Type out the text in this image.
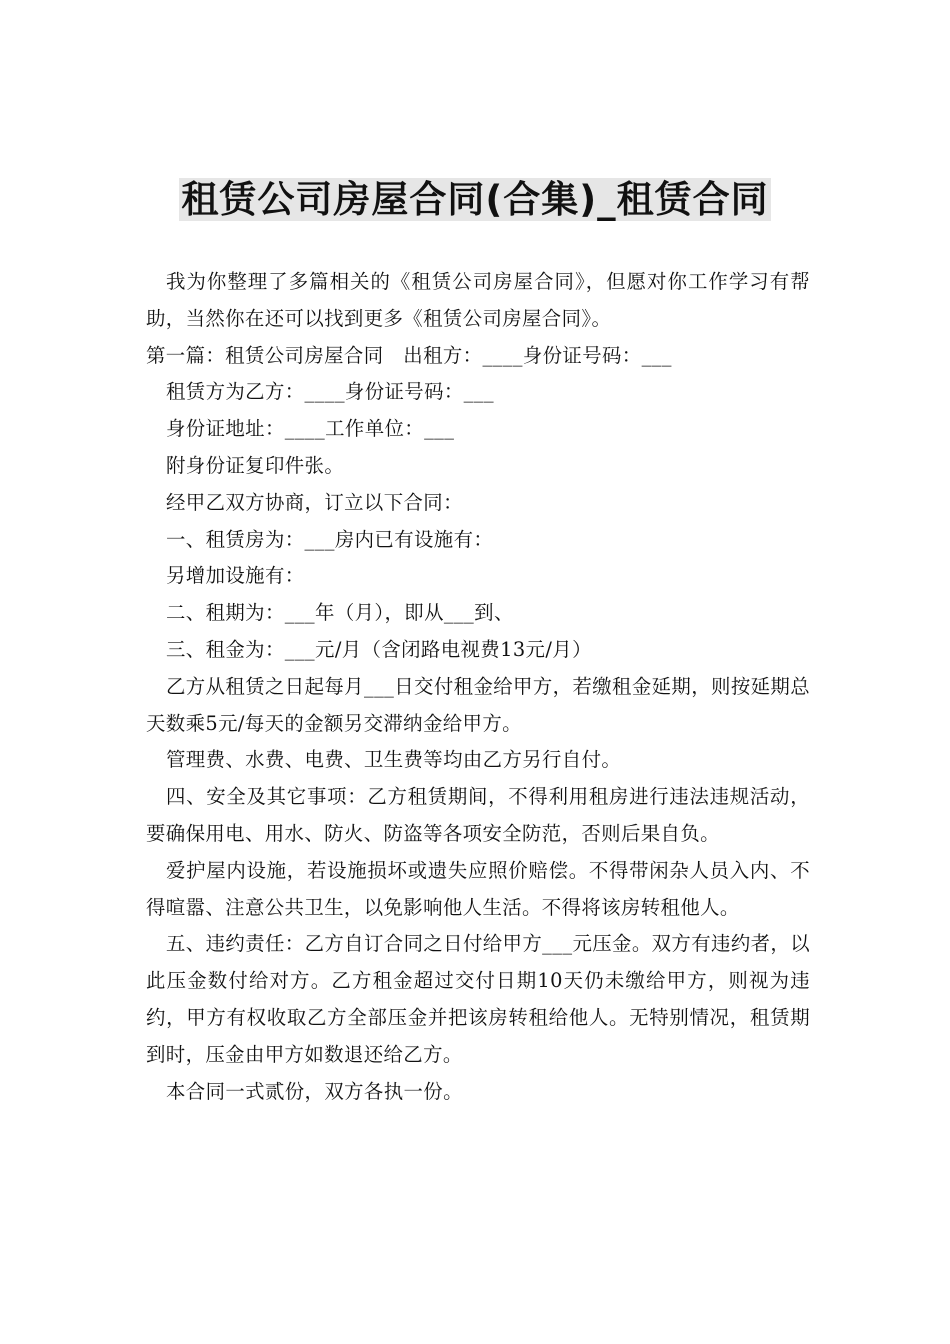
租赁公司房屋合同(合集)_租赁合同

我为你整理了多篇相关的《租赁公司房屋合同》，但愿对你工作学习有帮助，当然你在还可以找到更多《租赁公司房屋合同》。

第一篇：租赁公司房屋合同　出租方：____身份证号码：___

租赁方为乙方：____身份证号码：___

身份证地址：____工作单位：___

附身份证复印件张。

经甲乙双方协商，订立以下合同：

一、租赁房为：___房内已有设施有：

另增加设施有：

二、租期为：___年（月），即从___到、

三、租金为：___元/月（含闭路电视费13元/月）

乙方从租赁之日起每月___日交付租金给甲方，若缴租金延期，则按延期总天数乘5元/每天的金额另交滞纳金给甲方。

管理费、水费、电费、卫生费等均由乙方另行自付。

四、安全及其它事项：乙方租赁期间，不得利用租房进行违法违规活动，要确保用电、用水、防火、防盗等各项安全防范，否则后果自负。

爱护屋内设施，若设施损坏或遗失应照价赔偿。不得带闲杂人员入内、不得喧嚣、注意公共卫生，以免影响他人生活。不得将该房转租他人。

五、违约责任：乙方自订合同之日付给甲方___元压金。双方有违约者，以此压金数付给对方。乙方租金超过交付日期10天仍未缴给甲方，则视为违约，甲方有权收取乙方全部压金并把该房转租给他人。无特别情况，租赁期到时，压金由甲方如数退还给乙方。

本合同一式贰份，双方各执一份。
